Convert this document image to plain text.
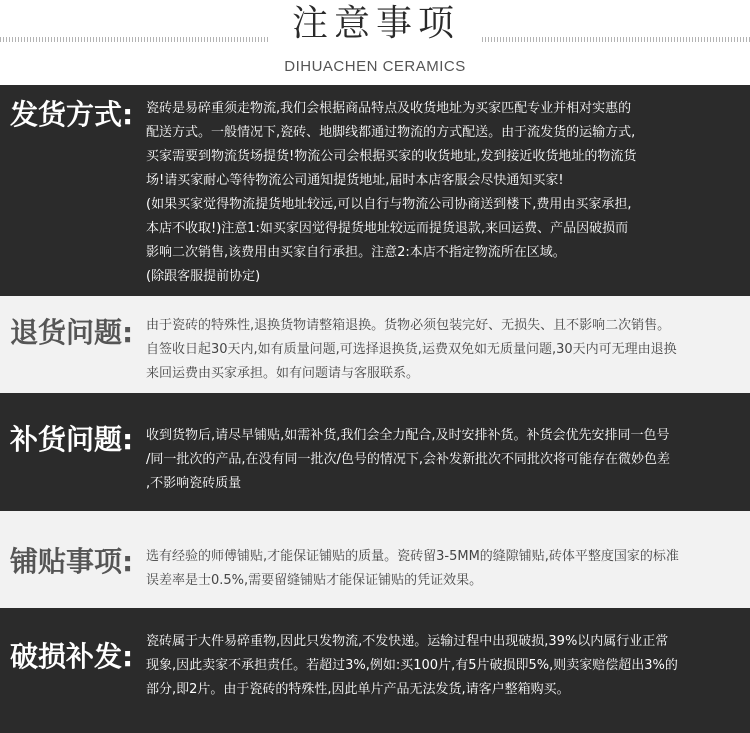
注意事项
DIHUACHEN CERAMICS
发货方式: 瓷砖是易碎重须走物流,我们会根据商品特点及收货地址为买家匹配专业并相对实惠的

配送方式。一般情况下,瓷砖、地脚线都通过物流的方式配送。由于流发货的运输方式,

买家需要到物流货场提货!物流公司会根据买家的收货地址,发到接近收货地址的物流货

场!请买家耐心等待物流公司通知提货地址,届时本店客服会尽快通知买家!

(如果买家觉得物流提货地址较远,可以自行与物流公司协商送到楼下,费用由买家承担,

本店不收取!)注意1:如买家因觉得提货地址较远而提货退款,来回运费、产品因破损而

影响二次销售,该费用由买家自行承担。注意2:本店不指定物流所在区域。

(除跟客服提前协定)

退货问题: 由于瓷砖的特殊性,退换货物请整箱退换。货物必须包装完好、无损失、且不影响二次销售。

自签收日起30天内,如有质量问题,可选择退换货,运费双免如无质量问题,30天内可无理由退换

来回运费由买家承担。如有问题请与客服联系。

补货问题: 收到货物后,请尽早铺贴,如需补货,我们会全力配合,及时安排补货。补货会优先安排同一色号

/同一批次的产品,在没有同一批次/色号的情况下,会补发新批次不同批次将可能存在微妙色差

,不影响瓷砖质量

铺贴事项: 选有经验的师傅铺贴,才能保证铺贴的质量。瓷砖留3-5MM的缝隙铺贴,砖体平整度国家的标准

误差率是士0.5%,需要留缝铺贴才能保证铺贴的凭证效果。

破损补发: 瓷砖属于大件易碎重物,因此只发物流,不发快递。运输过程中出现破损,39%以内属行业正常

现象,因此卖家不承担责任。若超过3%,例如:买100片,有5片破损即5%,则卖家赔偿超出3%的

部分,即2片。由于瓷砖的特殊性,因此单片产品无法发货,请客户整箱购买。
